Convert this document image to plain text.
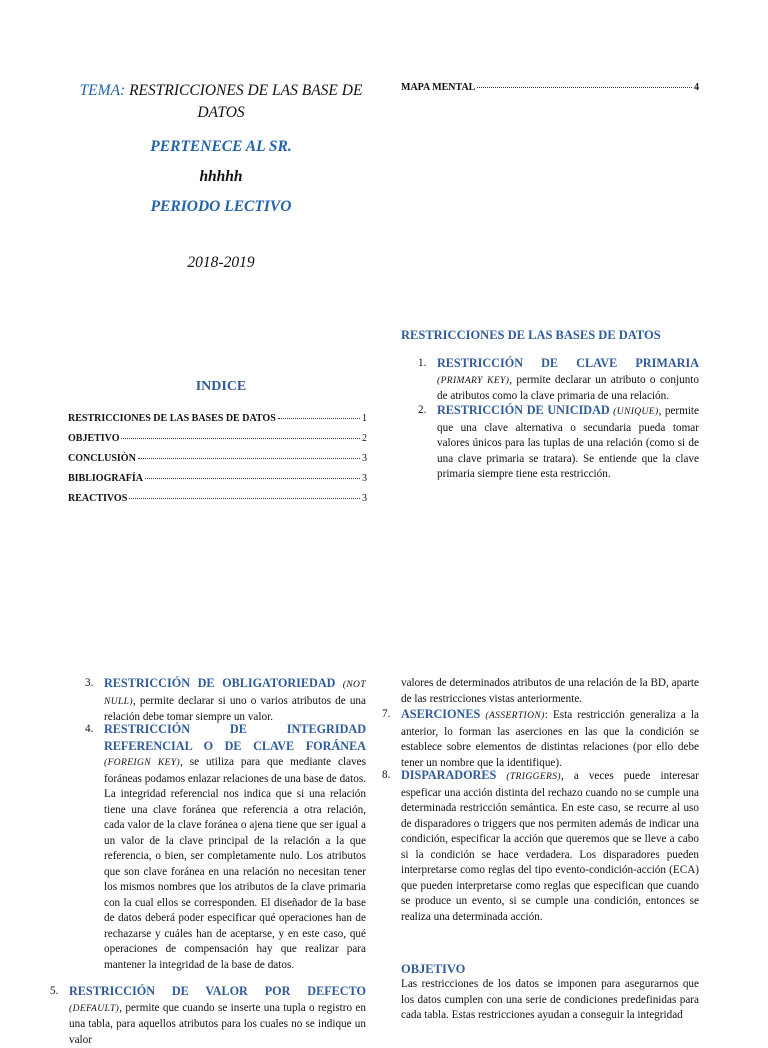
TEMA: RESTRICCIONES DE LAS BASE DE DATOS
PERTENECE AL SR.
hhhhh
PERIODO LECTIVO
2018-2019
INDICE
RESTRICCIONES DE LAS BASES DE DATOS	1
OBJETIVO	2
CONCLUSIÒN	3
BIBLIOGRAFÍA	3
REACTIVOS	3
MAPA MENTAL	4
RESTRICCIONES DE LAS BASES DE DATOS
1. RESTRICCIÓN DE CLAVE PRIMARIA (PRIMARY KEY), permite declarar un atributo o conjunto de atributos como la clave primaria de una relación.
2. RESTRICCIÓN DE UNICIDAD (UNIQUE), permite que una clave alternativa o secundaria pueda tomar valores únicos para las tuplas de una relación (como si de una clave primaria se tratara). Se entiende que la clave primaria siempre tiene esta restricción.
3. RESTRICCIÓN DE OBLIGATORIEDAD (NOT NULL), permite declarar si uno o varios atributos de una relación debe tomar siempre un valor.
4. RESTRICCIÓN DE INTEGRIDAD REFERENCIAL O DE CLAVE FORÁNEA (FOREIGN KEY), se utiliza para que mediante claves foráneas podamos enlazar relaciones de una base de datos. La integridad referencial nos indica que si una relación tiene una clave foránea que referencia a otra relación, cada valor de la clave foránea o ajena tiene que ser igual a un valor de la clave principal de la relación a la que referencia, o bien, ser completamente nulo. Los atributos que son clave foránea en una relación no necesitan tener los mismos nombres que los atributos de la clave primaria con la cual ellos se corresponden. El diseñador de la base de datos deberá poder especificar qué operaciones han de rechazarse y cuáles han de aceptarse, y en este caso, qué operaciones de compensación hay que realizar para mantener la integridad de la base de datos.
5. RESTRICCIÓN DE VALOR POR DEFECTO (DEFAULT), permite que cuando se inserte una tupla o registro en una tabla, para aquellos atributos para los cuales no se indique un valor
valores de determinados atributos de una relación de la BD, aparte de las restricciones vistas anteriormente.
7. ASERCIONES (ASSERTION): Esta restricción generaliza a la anterior, lo forman las aserciones en las que la condición se establece sobre elementos de distintas relaciones (por ello debe tener un nombre que la identifique).
8. DISPARADORES (TRIGGERS), a veces puede interesar espeficar una acción distinta del rechazo cuando no se cumple una determinada restricción semántica. En este caso, se recurre al uso de disparadores o triggers que nos permiten además de indicar una condición, especificar la acción que queremos que se lleve a cabo si la condición se hace verdadera. Los disparadores pueden interpretarse como reglas del tipo evento-condición-acción (ECA) que pueden interpretarse como reglas que especifican que cuando se produce un evento, si se cumple una condición, entonces se realiza una determinada acción.
OBJETIVO
Las restricciones de los datos se imponen para asegurarnos que los datos cumplen con una serie de condiciones predefinidas para cada tabla. Estas restricciones ayudan a conseguir la integridad
